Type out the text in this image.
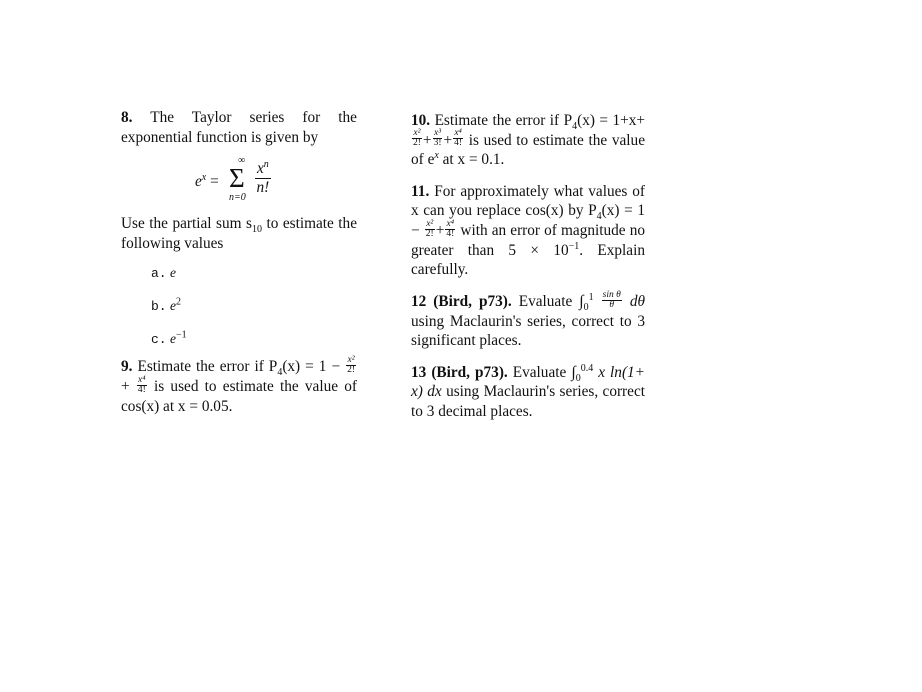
8. The Taylor series for the exponential function is given by

$e^x$ =
∞
Σ
n=0
$\frac{x^n}{n!}$

Use the partial sum $s_{10}$ to estimate the following values

a. e
b. $e^2$
c. $e^{-1}$

9. Estimate the error if $P_4(x) = 1 - \frac{\text{x²}}{2!}$
+ $\frac{\text{x⁴}}{4!}$ is used to estimate the value of cos(x) at x = 0.05.

10. Estimate the error if $P_4(x) = 1+x+$
$\frac{\text{x²}}{2!} + \frac{\text{x³}}{3!} + \frac{\text{x⁴}}{4!}$ is used to estimate the value of $e^x$ at x = 0.1.

11. For approximately what values of x can you replace cos(x) by $P_4(x) = 1 - \frac{\text{x²}}{2!} + \frac{\text{x⁴}}{4!}$ with an error of magnitude no greater than $5 \times 10^{-1}$. Explain carefully.

12 (Bird, p73). Evaluate $\int_0^1 \frac{\text{sin θ}}{\theta}$ dθ using Maclaurin's series, correct to 3 significant places.

13 (Bird, p73). Evaluate $\int_0^{0.4}$ x ln(1+ x) dx using Maclaurin's series, correct to 3 decimal places.
